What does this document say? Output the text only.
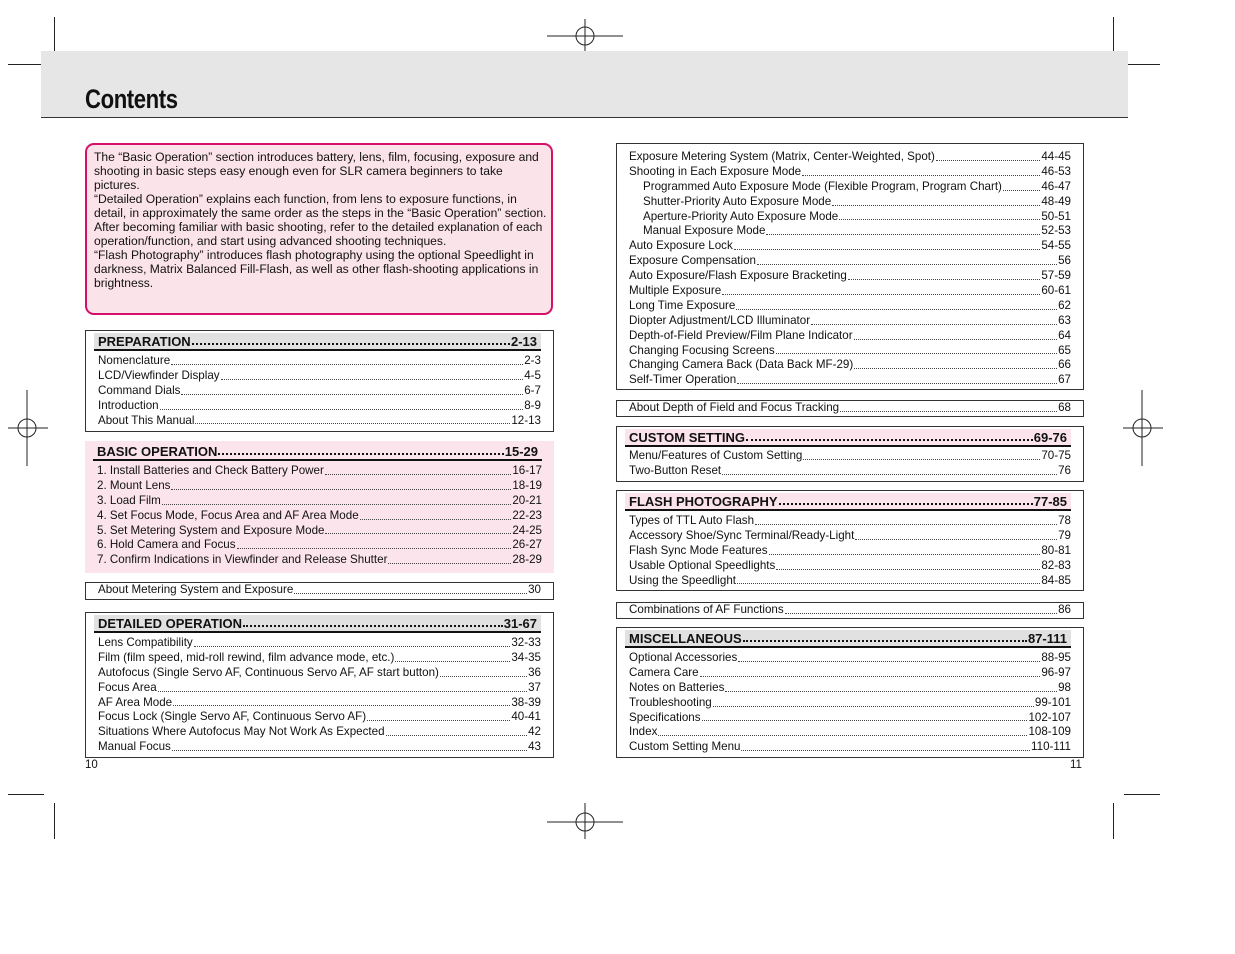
Contents

The “Basic Operation” section introduces battery, lens, film, focusing, exposure and shooting in basic steps easy enough even for SLR camera beginners to take pictures.

“Detailed Operation” explains each function, from lens to exposure functions, in detail, in approximately the same order as the steps in the “Basic Operation” section. After becoming familiar with basic shooting, refer to the detailed explanation of each operation/function, and start using advanced shooting techniques.

“Flash Photography” introduces flash photography using the optional Speedlight in darkness, Matrix Balanced Fill-Flash, as well as other flash-shooting applications in brightness.

PREPARATION	2-13
Nomenclature	2-3
LCD/Viewfinder Display	4-5
Command Dials	6-7
Introduction	8-9
About This Manual	12-13
BASIC OPERATION	15-29
1. Install Batteries and Check Battery Power	16-17
2. Mount Lens	18-19
3. Load Film	20-21
4. Set Focus Mode, Focus Area and AF Area Mode	22-23
5. Set Metering System and Exposure Mode	24-25
6. Hold Camera and Focus	26-27
7. Confirm Indications in Viewfinder and Release Shutter	28-29
About Metering System and Exposure	30
DETAILED OPERATION	31-67
Lens Compatibility	32-33
Film (film speed, mid-roll rewind, film advance mode, etc.)	34-35
Autofocus (Single Servo AF, Continuous Servo AF, AF start button)	36
Focus Area	37
AF Area Mode	38-39
Focus Lock (Single Servo AF, Continuous Servo AF)	40-41
Situations Where Autofocus May Not Work As Expected	42
Manual Focus	43
10
Exposure Metering System (Matrix, Center-Weighted, Spot)	44-45
Shooting in Each Exposure Mode	46-53
Programmed Auto Exposure Mode (Flexible Program, Program Chart)	46-47
Shutter-Priority Auto Exposure Mode	48-49
Aperture-Priority Auto Exposure Mode	50-51
Manual Exposure Mode	52-53
Auto Exposure Lock	54-55
Exposure Compensation	56
Auto Exposure/Flash Exposure Bracketing	57-59
Multiple Exposure	60-61
Long Time Exposure	62
Diopter Adjustment/LCD Illuminator	63
Depth-of-Field Preview/Film Plane Indicator	64
Changing Focusing Screens	65
Changing Camera Back (Data Back MF-29)	66
Self-Timer Operation	67
About Depth of Field and Focus Tracking	68
CUSTOM SETTING	69-76
Menu/Features of Custom Setting	70-75
Two-Button Reset	76
FLASH PHOTOGRAPHY	77-85
Types of TTL Auto Flash	78
Accessory Shoe/Sync Terminal/Ready-Light	79
Flash Sync Mode Features	80-81
Usable Optional Speedlights	82-83
Using the Speedlight	84-85
Combinations of AF Functions	86
MISCELLANEOUS	87-111
Optional Accessories	88-95
Camera Care	96-97
Notes on Batteries	98
Troubleshooting	99-101
Specifications	102-107
Index	108-109
Custom Setting Menu	110-111
11
